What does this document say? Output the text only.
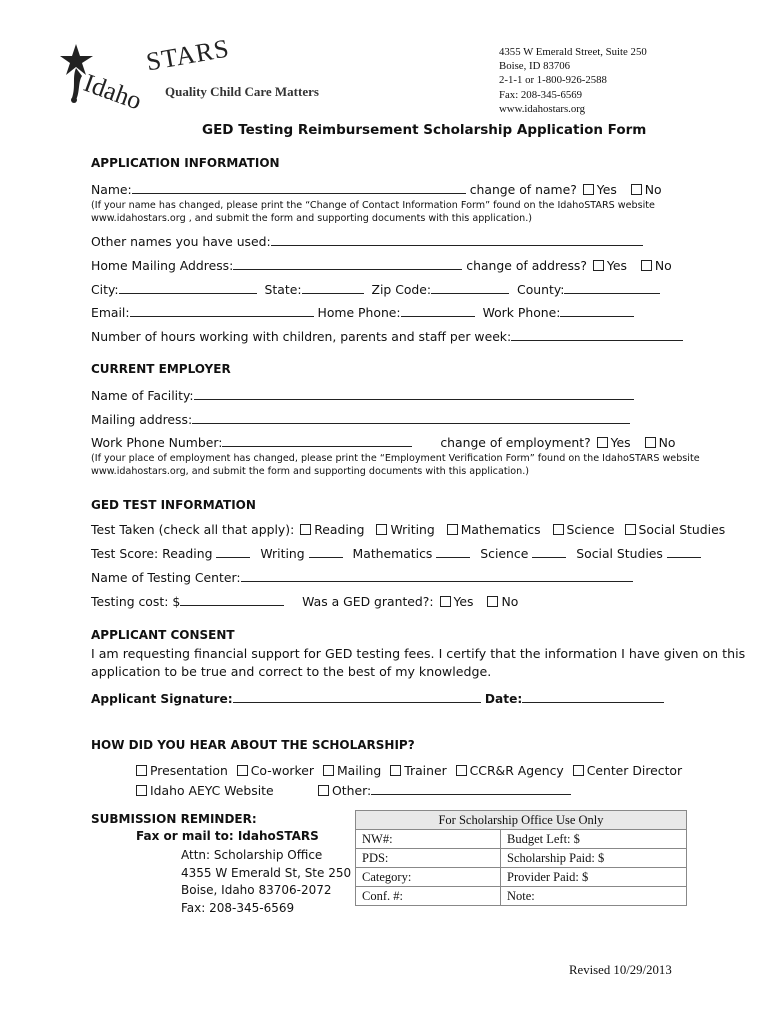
Idaho
STARS
Quality Child Care Matters
4355 W Emerald Street, Suite 250
Boise, ID 83706
2-1-1 or 1-800-926-2588
Fax: 208-345-6569
www.idahostars.org
GED Testing Reimbursement Scholarship Application Form
APPLICATION INFORMATION
Name:	change of name? Yes No
(If your name has changed, please print the “Change of Contact Information Form” found on the IdahoSTARS website
www.idahostars.org , and submit the form and supporting documents with this application.)
Other names you have used:
Home Mailing Address:	change of address? Yes No
City:	State:	Zip Code:	County:
Email:	Home Phone:	Work Phone:
Number of hours working with children, parents and staff per week:
CURRENT EMPLOYER
Name of Facility:
Mailing address:
Work Phone Number:	change of employment? Yes No
(If your place of employment has changed, please print the “Employment Verification Form” found on the IdahoSTARS website
www.idahostars.org, and submit the form and supporting documents with this application.)
GED TEST INFORMATION
Test Taken (check all that apply): Reading Writing Mathematics Science Social Studies
Test Score: Reading	Writing	Mathematics	Science	Social Studies
Name of Testing Center:
Testing cost: $	Was a GED granted?: Yes No
APPLICANT CONSENT
I am requesting financial support for GED testing fees. I certify that the information I have given on this
application to be true and correct to the best of my knowledge.
Applicant Signature:	Date:
HOW DID YOU HEAR ABOUT THE SCHOLARSHIP?
Presentation Co-worker Mailing Trainer CCR&R Agency Center Director
Idaho AEYC Website	Other:
SUBMISSION REMINDER:
Fax or mail to: IdahoSTARS
Attn: Scholarship Office
4355 W Emerald St, Ste 250
Boise, Idaho 83706-2072
Fax: 208-345-6569
For Scholarship Office Use Only	
NW#:	Budget Left: $
PDS:	Scholarship Paid: $
Category:	Provider Paid: $
Conf. #:	Note:
Revised 10/29/2013
